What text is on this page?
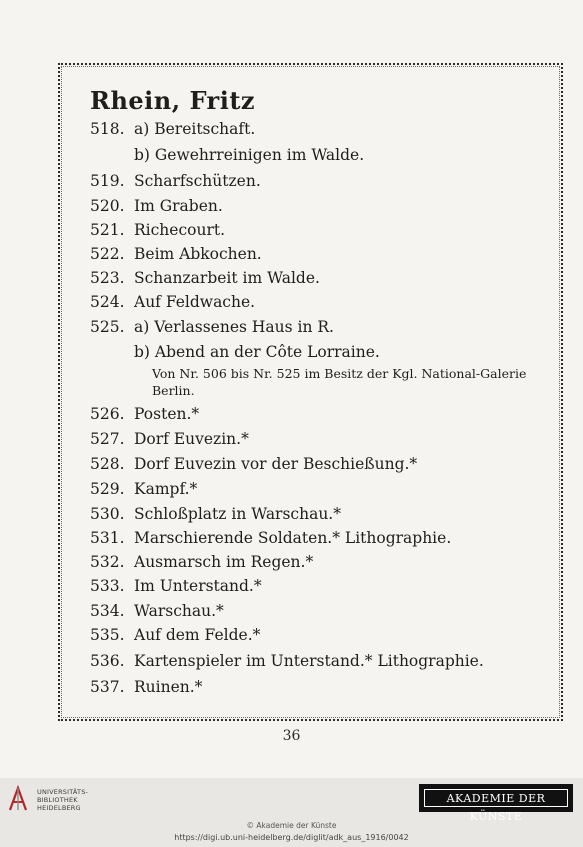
Rhein, Fritz
518. a) Bereitschaft.
b) Gewehrreinigen im Walde.
519. Scharfschützen.
520. Im Graben.
521. Richecourt.
522. Beim Abkochen.
523. Schanzarbeit im Walde.
524. Auf Feldwache.
525. a) Verlassenes Haus in R.
b) Abend an der Côte Lorraine.
Von Nr. 506 bis Nr. 525 im Besitz der Kgl. National-Galerie Berlin.
526. Posten.*
527. Dorf Euvezin.*
528. Dorf Euvezin vor der Beschießung.*
529. Kampf.*
530. Schloßplatz in Warschau.*
531. Marschierende Soldaten.* Lithographie.
532. Ausmarsch im Regen.*
533. Im Unterstand.*
534. Warschau.*
535. Auf dem Felde.*
536. Kartenspieler im Unterstand.* Lithographie.
537. Ruinen.*
36
UNIVERSITÄTS-
BIBLIOTHEK
HEIDELBERG
© Akademie der Künste
https://digi.ub.uni-heidelberg.de/diglit/adk_aus_1916/0042
AKADEMIE DER KÜNSTE
